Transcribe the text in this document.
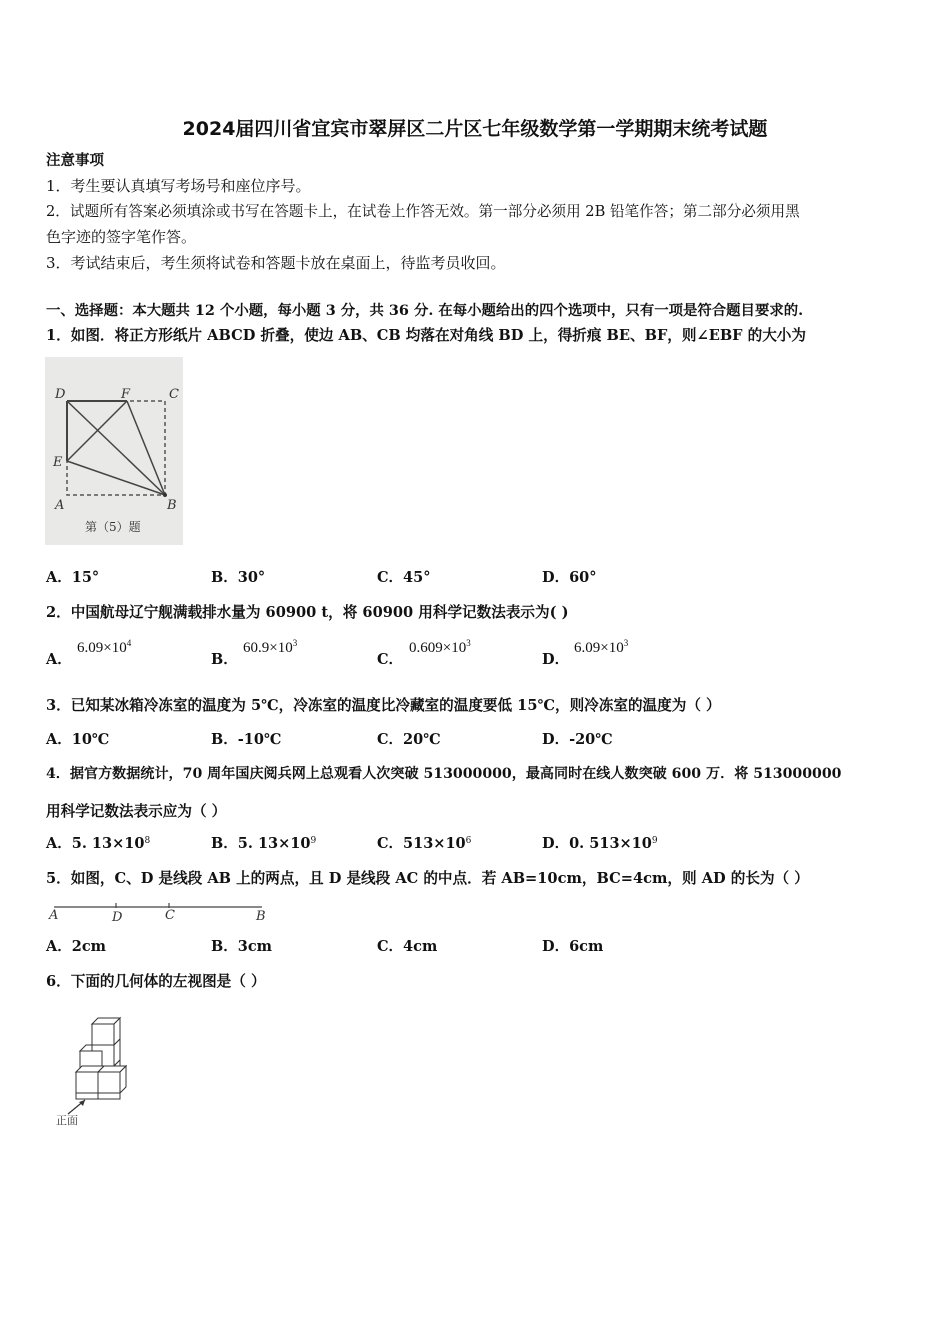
2024届四川省宜宾市翠屏区二片区七年级数学第一学期期末统考试题
注意事项
1．考生要认真填写考场号和座位序号。
2．试题所有答案必须填涂或书写在答题卡上，在试卷上作答无效。第一部分必须用 2B 铅笔作答；第二部分必须用黑
色字迹的签字笔作答。
3．考试结束后，考生须将试卷和答题卡放在桌面上，待监考员收回。
一、选择题：本大题共 12 个小题，每小题 3 分，共 36 分. 在每小题给出的四个选项中，只有一项是符合题目要求的.
1．如图．将正方形纸片 ABCD 折叠，使边 AB、CB 均落在对角线 BD 上，得折痕 BE、BF，则∠EBF 的大小为
D	F	C
E
A	B
第（5）题
A．15°	B．30°	C．45°	D．60°
2．中国航母辽宁舰满载排水量为 60900 t，将 60900 用科学记数法表示为( )
A．
$6.09\times 10^4$
B．
$60.9\times 10^3$
C．
$0.609\times 10^3$
D．
$6.09\times 10^3$
3．已知某冰箱冷冻室的温度为 5℃，冷冻室的温度比冷藏室的温度要低 15℃，则冷冻室的温度为（ ）
A．10℃	B．-10℃	C．20℃	D．-20℃
4．据官方数据统计，70 周年国庆阅兵网上总观看人次突破 513000000，最高同时在线人数突破 600 万．将 513000000
用科学记数法表示应为（ ）
A．5. $13\times 10^8$	B．5. $13\times 10^9$	C．$513\times 10^6$	D．0. $513\times 10^9$
5．如图，C、D 是线段 AB 上的两点，且 D 是线段 AC 的中点．若 AB=10cm，BC=4cm，则 AD 的长为（ ）
A	D	C	B
A．2cm	B．3cm	C．4cm	D．6cm
6．下面的几何体的左视图是（ ）
正面
